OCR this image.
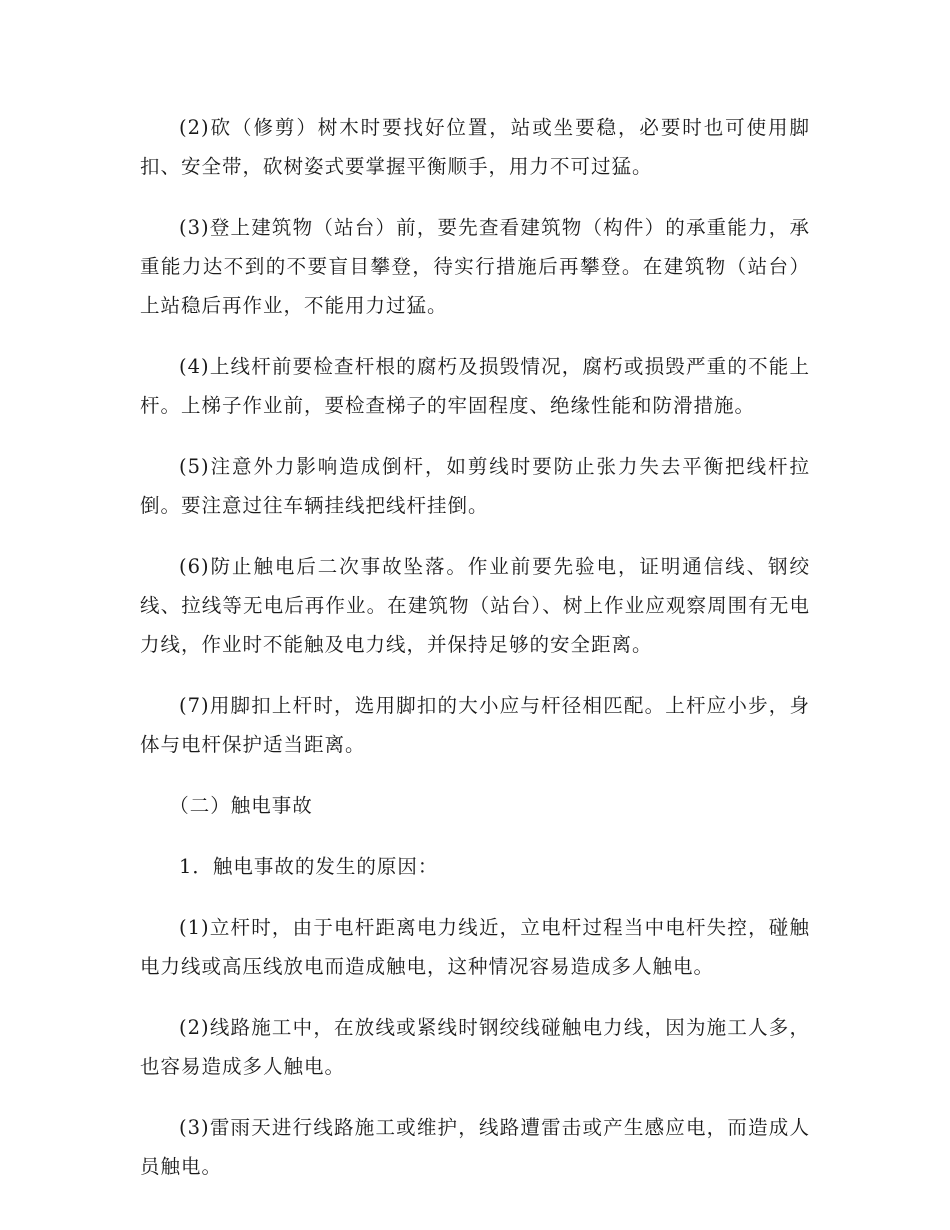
(2)砍（修剪）树木时要找好位置，站或坐要稳，必要时也可使用脚扣、安全带，砍树姿式要掌握平衡顺手，用力不可过猛。

(3)登上建筑物（站台）前，要先查看建筑物（构件）的承重能力，承重能力达不到的不要盲目攀登，待实行措施后再攀登。在建筑物（站台）上站稳后再作业，不能用力过猛。

(4)上线杆前要检查杆根的腐朽及损毁情况，腐朽或损毁严重的不能上杆。上梯子作业前，要检查梯子的牢固程度、绝缘性能和防滑措施。

(5)注意外力影响造成倒杆，如剪线时要防止张力失去平衡把线杆拉倒。要注意过往车辆挂线把线杆挂倒。

(6)防止触电后二次事故坠落。作业前要先验电，证明通信线、钢绞线、拉线等无电后再作业。在建筑物（站台）、树上作业应观察周围有无电力线，作业时不能触及电力线，并保持足够的安全距离。

(7)用脚扣上杆时，选用脚扣的大小应与杆径相匹配。上杆应小步，身体与电杆保护适当距离。

（二）触电事故

1．触电事故的发生的原因：

(1)立杆时，由于电杆距离电力线近，立电杆过程当中电杆失控，碰触电力线或高压线放电而造成触电，这种情况容易造成多人触电。

(2)线路施工中，在放线或紧线时钢绞线碰触电力线，因为施工人多，也容易造成多人触电。

(3)雷雨天进行线路施工或维护，线路遭雷击或产生感应电，而造成人员触电。
